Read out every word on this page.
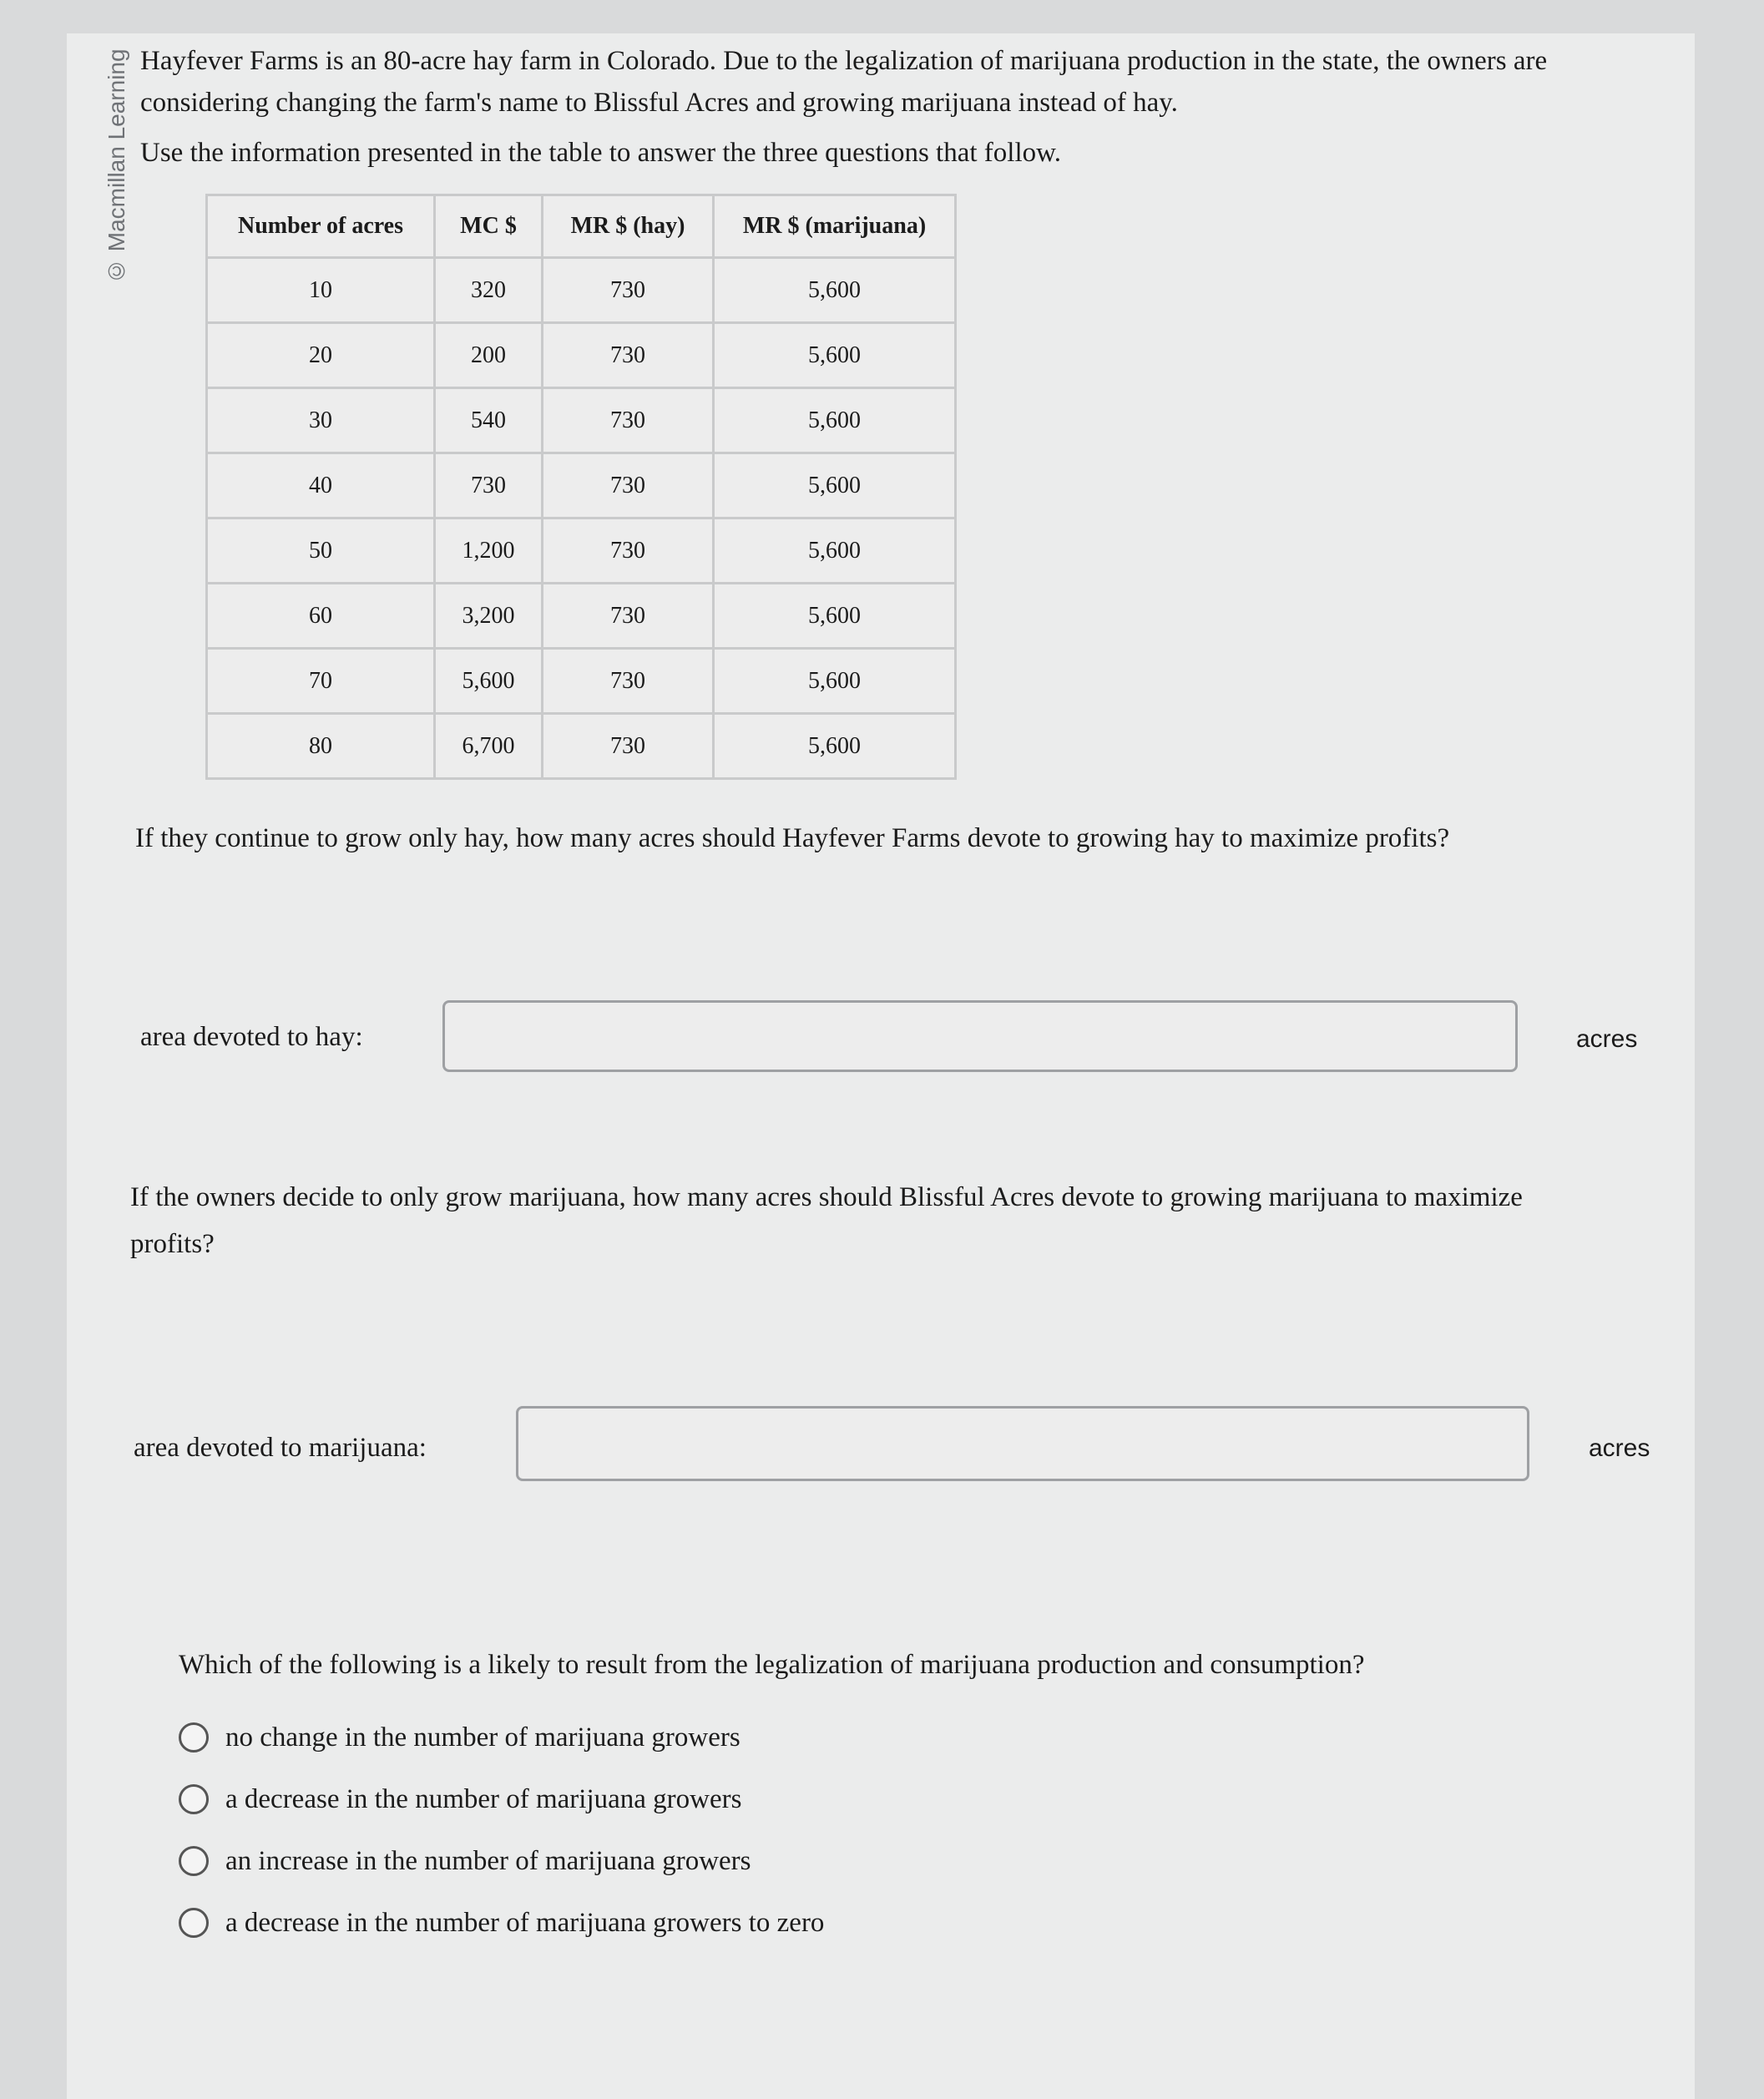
© Macmillan Learning Hayfever Farms is an 80-acre hay farm in Colorado. Due to the legalization of marijuana production in the state, the owners are considering changing the farm's name to Blissful Acres and growing marijuana instead of hay.

Use the information presented in the table to answer the three questions that follow.

Number of acres	MC $	MR $ (hay)	MR $ (marijuana)
10	320	730	5,600
20	200	730	5,600
30	540	730	5,600
40	730	730	5,600
50	1,200	730	5,600
60	3,200	730	5,600
70	5,600	730	5,600
80	6,700	730	5,600
If they continue to grow only hay, how many acres should Hayfever Farms devote to growing hay to maximize profits?
area devoted to hay:	acres
If the owners decide to only grow marijuana, how many acres should Blissful Acres devote to growing marijuana to maximize profits?
area devoted to marijuana:	acres
Which of the following is a likely to result from the legalization of marijuana production and consumption?
no change in the number of marijuana growers
a decrease in the number of marijuana growers
an increase in the number of marijuana growers
a decrease in the number of marijuana growers to zero
